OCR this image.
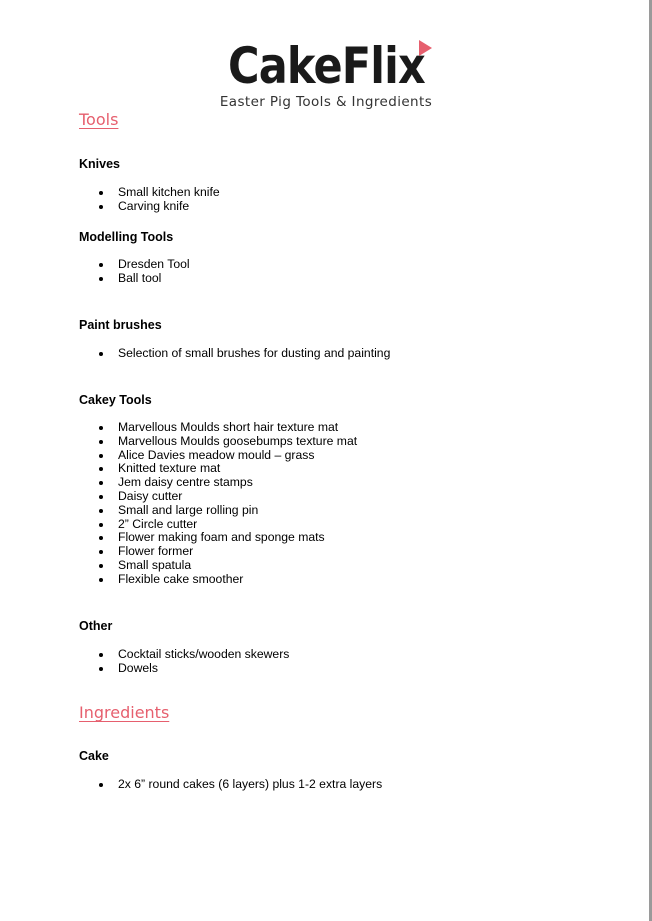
CakeFlix
Easter Pig Tools & Ingredients
Tools
Knives
Small kitchen knife
Carving knife
Modelling Tools
Dresden Tool
Ball tool
Paint brushes
Selection of small brushes for dusting and painting
Cakey Tools
Marvellous Moulds short hair texture mat
Marvellous Moulds goosebumps texture mat
Alice Davies meadow mould – grass
Knitted texture mat
Jem daisy centre stamps
Daisy cutter
Small and large rolling pin
2” Circle cutter
Flower making foam and sponge mats
Flower former
Small spatula
Flexible cake smoother
Other
Cocktail sticks/wooden skewers
Dowels
Ingredients
Cake
2x 6” round cakes (6 layers) plus 1-2 extra layers
